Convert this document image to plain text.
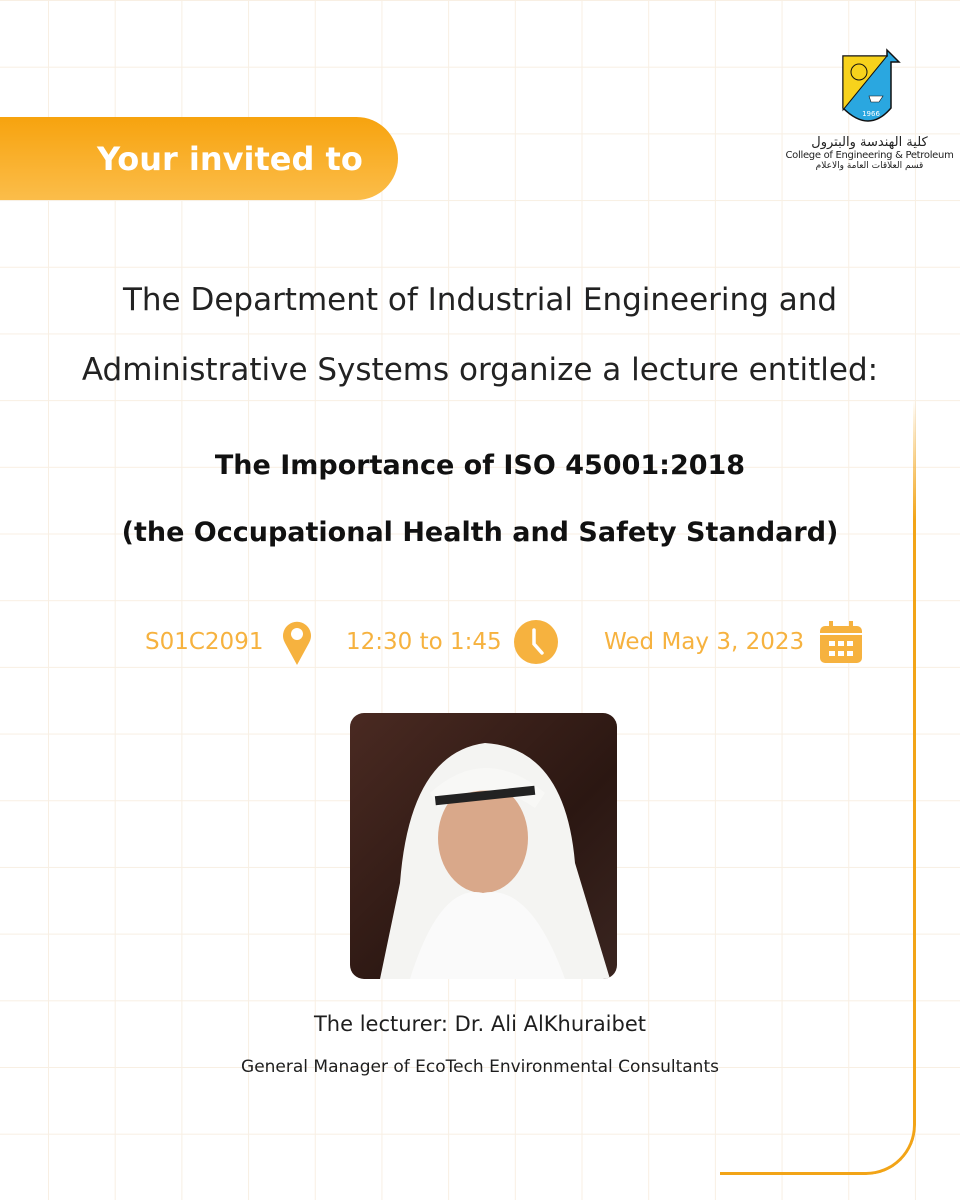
Your invited to
1966
كلية الهندسة والبترول
College of Engineering & Petroleum
قسم العلاقات العامة والاعلام
The Department of Industrial Engineering and
Administrative Systems organize a lecture entitled:
The Importance of ISO 45001:2018
(the Occupational Health and Safety Standard)
S01C2091	12:30 to 1:45	Wed May 3, 2023
The lecturer: Dr. Ali AlKhuraibet
General Manager of EcoTech Environmental Consultants
